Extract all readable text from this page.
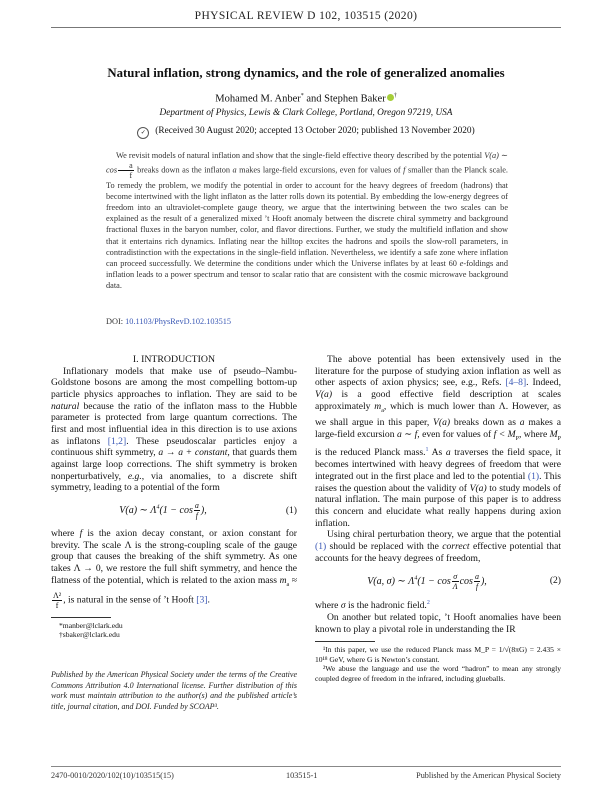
PHYSICAL REVIEW D 102, 103515 (2020)
Natural inflation, strong dynamics, and the role of generalized anomalies
Mohamed M. Anber* and Stephen Baker †
Department of Physics, Lewis & Clark College, Portland, Oregon 97219, USA
✓ (Received 30 August 2020; accepted 13 October 2020; published 13 November 2020)
We revisit models of natural inflation and show that the single-field effective theory described by the potential V(a) ∼ $\cos \frac{a}{f}$ breaks down as the inflaton a makes large-field excursions, even for values of f smaller than the Planck scale. To remedy the problem, we modify the potential in order to account for the heavy degrees of freedom (hadrons) that become intertwined with the light inflaton as the latter rolls down its potential. By embedding the low-energy degrees of freedom into an ultraviolet-complete gauge theory, we argue that the intertwining between the two scales can be explained as the result of a generalized mixed ’t Hooft anomaly between the discrete chiral symmetry and background fractional fluxes in the baryon number, color, and flavor directions. Further, we study the multifield inflation and show that it entertains rich dynamics. Inflating near the hilltop excites the hadrons and spoils the slow-roll parameters, in contradistinction with the expectations in the single-field inflation. Nevertheless, we identify a safe zone where inflation can proceed successfully. We determine the conditions under which the Universe inflates by at least 60 e-foldings and inflation leads to a power spectrum and tensor to scalar ratio that are consistent with the cosmic microwave background data.
DOI: 10.1103/PhysRevD.102.103515

I. INTRODUCTION

Inflationary models that make use of pseudo–Nambu-Goldstone bosons are among the most compelling bottom-up particle physics approaches to inflation. They are said to be natural because the ratio of the inflaton mass to the Hubble parameter is protected from large quantum corrections. The first and most influential idea in this direction is to use axions as inflatons [1,2]. These pseudoscalar particles enjoy a continuous shift symmetry, a → a + constant, that guards them against large loop corrections. The shift symmetry is broken nonperturbatively, e.g., via anomalies, to a discrete shift symmetry, leading to a potential of the form

V(a) ∼ $\Lambda^4(1 - \cos \frac{a}{f}$ ),	(1)

where f is the axion decay constant, or axion constant for brevity. The scale Λ is the strong-coupling scale of the gauge group that causes the breaking of the shift symmetry. As one takes Λ → 0, we restore the full shift symmetry, and hence the flatness of the potential, which is related to the axion mass $m_a$ ≈
$\frac{\text{Λ²}}{f}$ , is natural in the sense of ’t Hooft [3].

*manber@lclark.edu
†sbaker@lclark.edu
Published by the American Physical Society under the terms of the Creative Commons Attribution 4.0 International license. Further distribution of this work must maintain attribution to the author(s) and the published article’s title, journal citation, and DOI. Funded by SCOAP³.

The above potential has been extensively used in the literature for the purpose of studying axion inflation as well as other aspects of axion physics; see, e.g., Refs. [4–8]. Indeed, V(a) is a good effective field description at scales approximately $m_a$, which is much lower than Λ. However, as we shall argue in this paper, V(a) breaks down as a makes a large-field excursion a ∼ f, even for values of $f < M_P$, where $M_P$ is the reduced Planck mass.$^1$ As a traverses the field space, it becomes intertwined with heavy degrees of freedom that were integrated out in the first place and led to the potential (1). This raises the question about the validity of V(a) to study models of natural inflation. The main purpose of this paper is to address this concern and elucidate what really happens during axion inflation.

Using chiral perturbation theory, we argue that the potential (1) should be replaced with the correct effective potential that accounts for the heavy degrees of freedom,

V(a, σ) ∼ $\Lambda^4(1 - \cos \frac{\sigma}{\Lambda}$ $\cos \frac{a}{f}$ ),	(2)

where σ is the hadronic field.$^2$

On another but related topic, ’t Hooft anomalies have been known to play a pivotal role in understanding the IR

¹In this paper, we use the reduced Planck mass M_P = 1/√(8πG) = 2.435 × 10¹⁸ GeV, where G is Newton’s constant.
²We abuse the language and use the word “hadron” to mean any strongly coupled degree of freedom in the infrared, including glueballs.
2470-0010/2020/102(10)/103515(15)	103515-1	Published by the American Physical Society
